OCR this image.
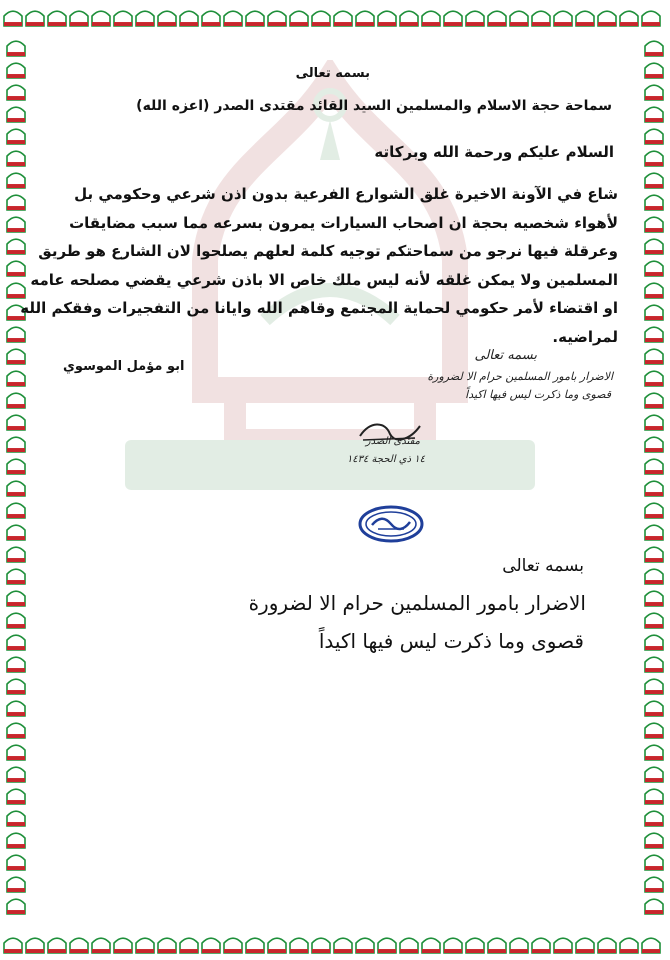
بسمه تعالى
سماحة حجة الاسلام والمسلمين السيد القائد مقتدى الصدر (اعزه الله)
السلام عليكم ورحمة الله وبركاته
شاع في الآونة الاخيرة غلق الشوارع الفرعية بدون اذن شرعي وحكومي بل
لأهواء شخصيه بحجة ان اصحاب السيارات يمرون بسرعه مما سبب مضايقات
وعرقلة فيها نرجو من سماحتكم توجيه كلمة لعلهم يصلحوا لان الشارع هو طريق
المسلمين ولا يمكن غلقه لأنه ليس ملك خاص الا باذن شرعي يقضي مصلحه عامه
او اقتضاء لأمر حكومي لحماية المجتمع وقاهم الله وايانا من التفجيرات وفقكم الله
لمراضيه.
ابو مؤمل الموسوي
بسمه تعالى
الاضرار بامور المسلمين حرام الا لضرورة
قصوى وما ذكرت ليس فيها اكيداً
مقتدى الصدر
١٤ ذي الحجة ١٤٣٤
بسمه تعالى
الاضرار بامور المسلمين حرام الا لضرورة
قصوى وما ذكرت ليس فيها اكيداً
